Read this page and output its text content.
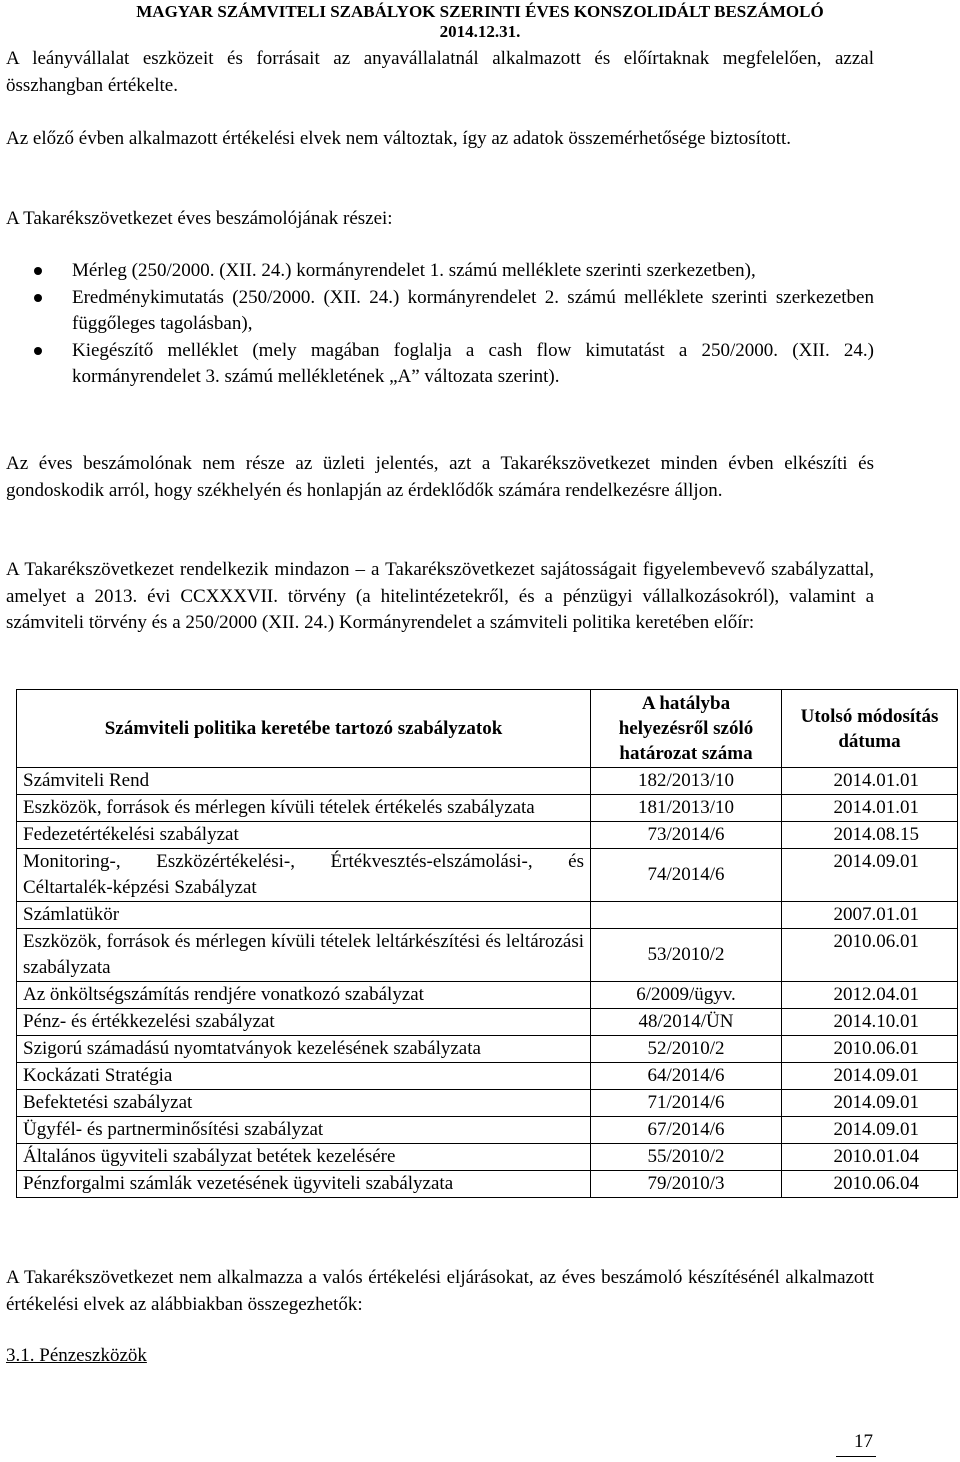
MAGYAR SZÁMVITELI SZABÁLYOK SZERINTI ÉVES KONSZOLIDÁLT BESZÁMOLÓ
2014.12.31.
A leányvállalat eszközeit és forrásait az anyavállalatnál alkalmazott és előírtaknak megfelelően, azzal összhangban értékelte.
Az előző évben alkalmazott értékelési elvek nem változtak, így az adatok összemérhetősége biztosított.
A Takarékszövetkezet éves beszámolójának részei:
Mérleg (250/2000. (XII. 24.) kormányrendelet 1. számú melléklete szerinti szerkezetben),
Eredménykimutatás (250/2000. (XII. 24.) kormányrendelet 2. számú melléklete szerinti szerkezetben függőleges tagolásban),
Kiegészítő melléklet (mely magában foglalja a cash flow kimutatást a 250/2000. (XII. 24.) kormányrendelet 3. számú mellékletének „A” változata szerint).
Az éves beszámolónak nem része az üzleti jelentés, azt a Takarékszövetkezet minden évben elkészíti és gondoskodik arról, hogy székhelyén és honlapján az érdeklődők számára rendelkezésre álljon.
A Takarékszövetkezet rendelkezik mindazon – a Takarékszövetkezet sajátosságait figyelembevevő szabályzattal, amelyet a 2013. évi CCXXXVII. törvény (a hitelintézetekről, és a pénzügyi vállalkozásokról), valamint a számviteli törvény és a 250/2000 (XII. 24.) Kormányrendelet a számviteli politika keretében előír:
Számviteli politika keretébe tartozó szabályzatok	A hatályba helyezésről szóló határozat száma	Utolsó módosítás dátuma
Számviteli Rend	182/2013/10	2014.01.01
Eszközök, források és mérlegen kívüli tételek értékelés szabályzata	181/2013/10	2014.01.01
Fedezetértékelési szabályzat	73/2014/6	2014.08.15
Monitoring-, Eszközértékelési-, Értékvesztés-elszámolási-, és Céltartalék-képzési Szabályzat	74/2014/6	2014.09.01
Számlatükör		2007.01.01
Eszközök, források és mérlegen kívüli tételek leltárkészítési és leltározási szabályzata	53/2010/2	2010.06.01
Az önköltségszámítás rendjére vonatkozó szabályzat	6/2009/ügyv.	2012.04.01
Pénz- és értékkezelési szabályzat	48/2014/ÜN	2014.10.01
Szigorú számadású nyomtatványok kezelésének szabályzata	52/2010/2	2010.06.01
Kockázati Stratégia	64/2014/6	2014.09.01
Befektetési szabályzat	71/2014/6	2014.09.01
Ügyfél- és partnerminősítési szabályzat	67/2014/6	2014.09.01
Általános ügyviteli szabályzat betétek kezelésére	55/2010/2	2010.01.04
Pénzforgalmi számlák vezetésének ügyviteli szabályzata	79/2010/3	2010.06.04
A Takarékszövetkezet nem alkalmazza a valós értékelési eljárásokat, az éves beszámoló készítésénél alkalmazott értékelési elvek az alábbiakban összegezhetők:
3.1. Pénzeszközök
17
